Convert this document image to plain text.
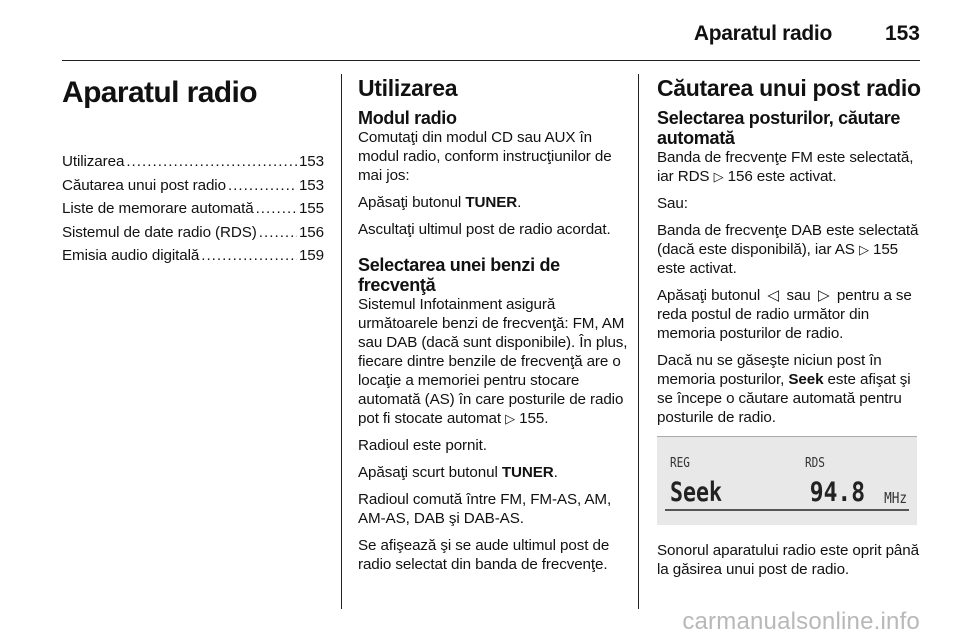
Aparatul radio	153
Aparatul radio
Utilizarea . . .	153
Căutarea unui post radio . . .	153
Liste de memorare automată . . .	155
Sistemul de date radio (RDS) . . .	156
Emisia audio digitală . . .	159
Utilizarea
Modul radio

Comutaţi din modul CD sau AUX în modul radio, conform instrucţiunilor de mai jos:

Apăsaţi butonul TUNER.

Ascultaţi ultimul post de radio acordat.

Selectarea unei benzi de frecvenţă

Sistemul Infotainment asigură următoarele benzi de frecvenţă: FM, AM sau DAB (dacă sunt disponibile). În plus, fiecare dintre benzile de frecvenţă are o locaţie a memoriei pentru stocare automată (AS) în care posturile de radio pot fi stocate automat ▷ 155.

Radioul este pornit.

Apăsaţi scurt butonul TUNER.

Radioul comută între FM, FM-AS, AM, AM-AS, DAB şi DAB-AS.

Se afişează şi se aude ultimul post de radio selectat din banda de frecvenţe.

Căutarea unui post radio
Selectarea posturilor, căutare automată

Banda de frecvenţe FM este selectată, iar RDS ▷ 156 este activat.

Sau:

Banda de frecvenţe DAB este selectată (dacă este disponibilă), iar AS ▷ 155 este activat.

Apăsaţi butonul ◁ sau ▷ pentru a se reda postul de radio următor din memoria posturilor de radio.

Dacă nu se găseşte niciun post în memoria posturilor, Seek este afişat şi se începe o căutare automată pentru posturile de radio.

REG	RDS
Seek	94.8 MHz

Sonorul aparatului radio este oprit până la găsirea unui post de radio.

carmanualsonline.info
